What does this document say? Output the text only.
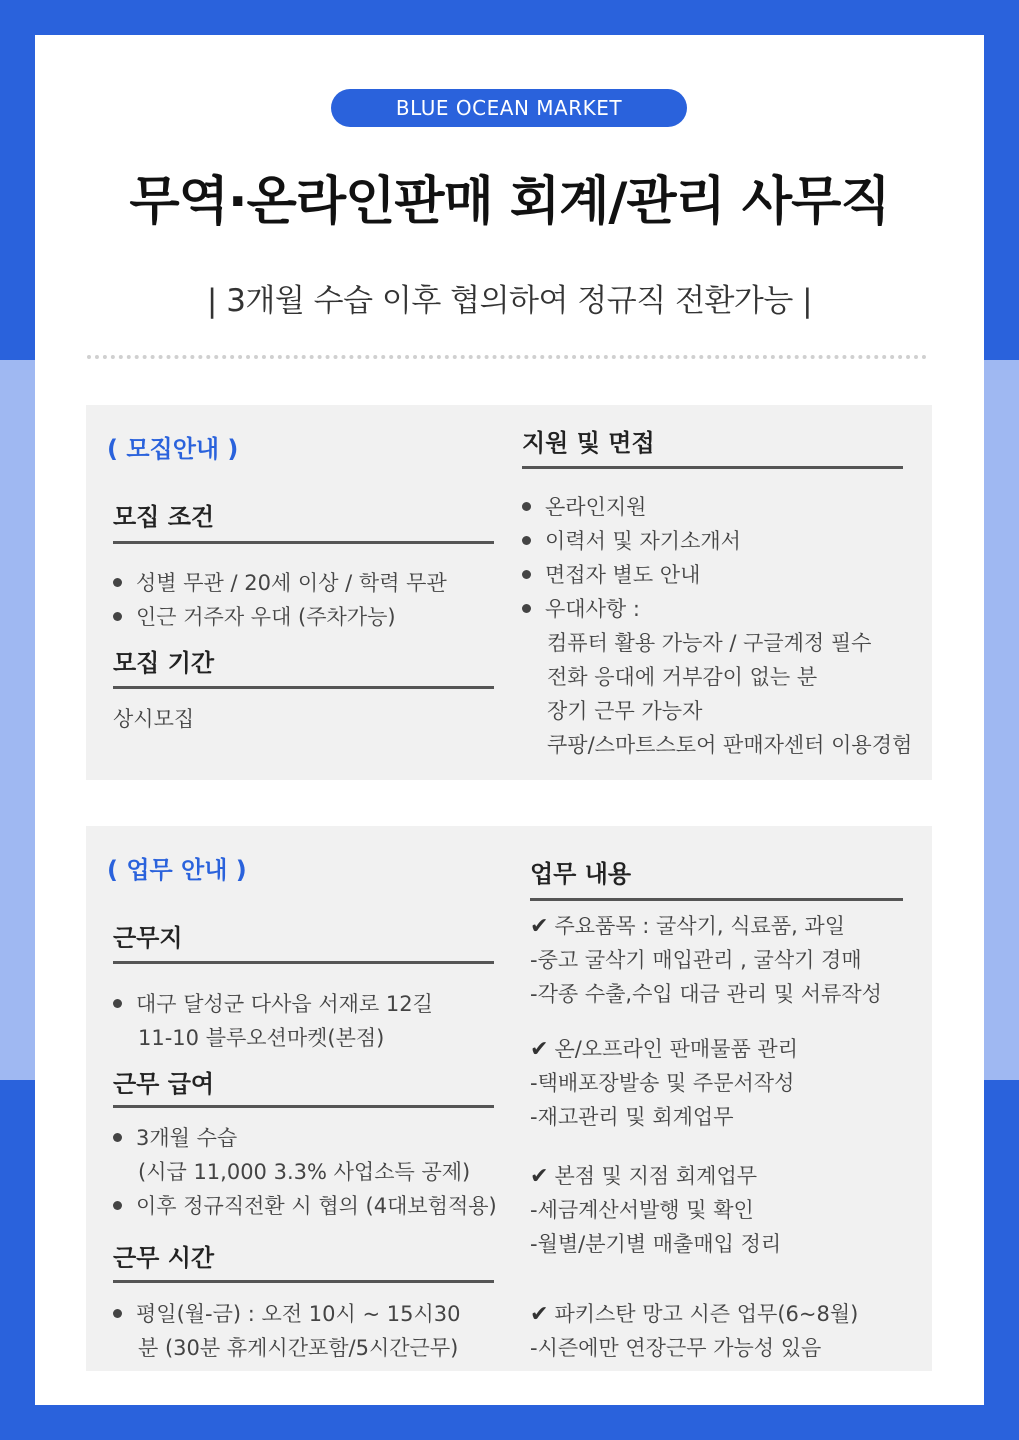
BLUE OCEAN MARKET
무역·온라인판매 회계/관리 사무직
| 3개월 수습 이후 협의하여 정규직 전환가능 |
( 모집안내 )
모집 조건
성별 무관 / 20세 이상 / 학력 무관
인근 거주자 우대 (주차가능)
모집 기간
상시모집
지원 및 면접
온라인지원
이력서 및 자기소개서
면접자 별도 안내
우대사항 :
컴퓨터 활용 가능자 / 구글계정 필수
전화 응대에 거부감이 없는 분
장기 근무 가능자
쿠팡/스마트스토어 판매자센터 이용경험
( 업무 안내 )
근무지
대구 달성군 다사읍 서재로 12길
11-10 블루오션마켓(본점)
근무 급여
3개월 수습
(시급 11,000 3.3% 사업소득 공제)
이후 정규직전환 시 협의 (4대보험적용)
근무 시간
평일(월-금) : 오전 10시 ~ 15시30
분 (30분 휴게시간포함/5시간근무)
업무 내용
✔ 주요품목 : 굴삭기, 식료품, 과일
-중고 굴삭기 매입관리 , 굴삭기 경매
-각종 수출,수입 대금 관리 및 서류작성
✔ 온/오프라인 판매물품 관리
-택배포장발송 및 주문서작성
-재고관리 및 회계업무
✔ 본점 및 지점 회계업무
-세금계산서발행 및 확인
-월별/분기별 매출매입 정리
✔ 파키스탄 망고 시즌 업무(6~8월)
-시즌에만 연장근무 가능성 있음
